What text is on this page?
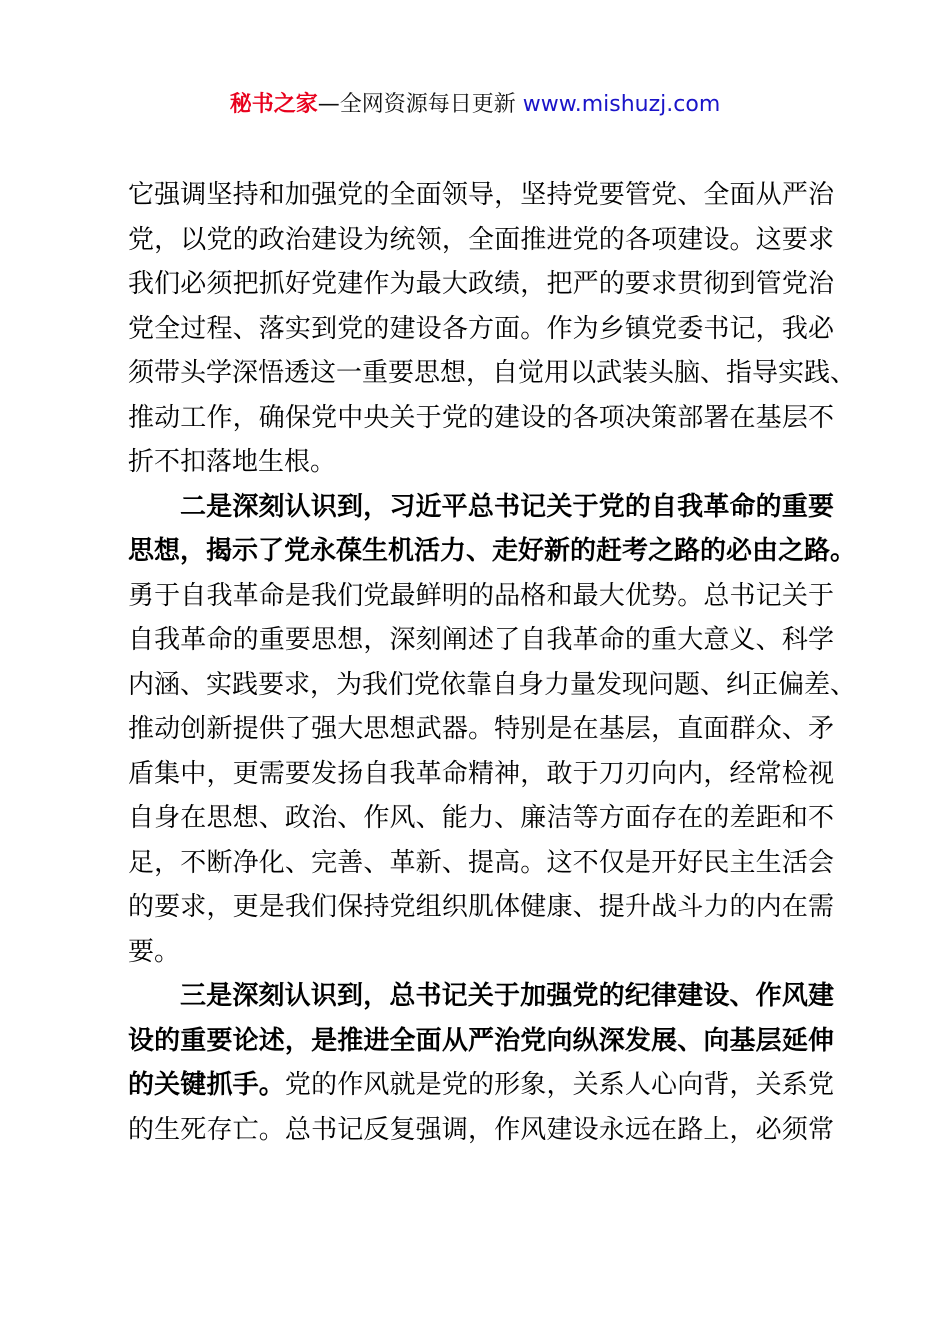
秘书之家—全网资源每日更新 www.mishuzj.com
它强调坚持和加强党的全面领导，坚持党要管党、全面从严治
党，以党的政治建设为统领，全面推进党的各项建设。这要求
我们必须把抓好党建作为最大政绩，把严的要求贯彻到管党治
党全过程、落实到党的建设各方面。作为乡镇党委书记，我必
须带头学深悟透这一重要思想，自觉用以武装头脑、指导实践、
推动工作，确保党中央关于党的建设的各项决策部署在基层不
折不扣落地生根。
二是深刻认识到，习近平总书记关于党的自我革命的重要
思想，揭示了党永葆生机活力、走好新的赶考之路的必由之路。
勇于自我革命是我们党最鲜明的品格和最大优势。总书记关于
自我革命的重要思想，深刻阐述了自我革命的重大意义、科学
内涵、实践要求，为我们党依靠自身力量发现问题、纠正偏差、
推动创新提供了强大思想武器。特别是在基层，直面群众、矛
盾集中，更需要发扬自我革命精神，敢于刀刃向内，经常检视
自身在思想、政治、作风、能力、廉洁等方面存在的差距和不
足，不断净化、完善、革新、提高。这不仅是开好民主生活会
的要求，更是我们保持党组织肌体健康、提升战斗力的内在需
要。
三是深刻认识到，总书记关于加强党的纪律建设、作风建
设的重要论述，是推进全面从严治党向纵深发展、向基层延伸
的关键抓手。党的作风就是党的形象，关系人心向背，关系党
的生死存亡。总书记反复强调，作风建设永远在路上，必须常
